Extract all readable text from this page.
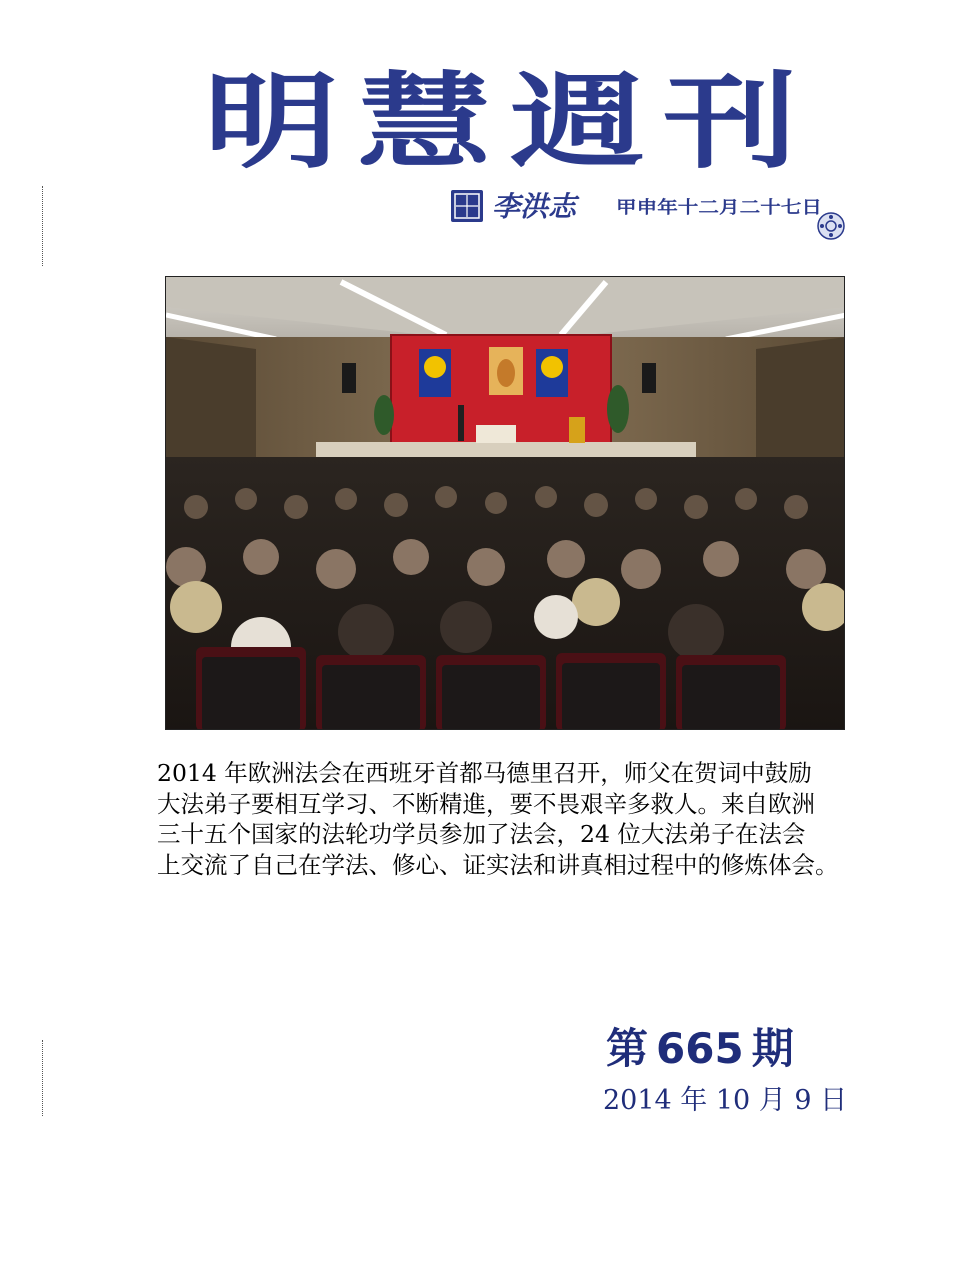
明慧週刊
李洪志 甲申年十二月二十七日
2014 年欧洲法会在西班牙首都马德里召开，师父在贺词中鼓励
大法弟子要相互学习、不断精進，要不畏艰辛多救人。来自欧洲
三十五个国家的法轮功学员参加了法会，24 位大法弟子在法会
上交流了自己在学法、修心、证实法和讲真相过程中的修炼体会。
第 665 期
2014 年 10 月 9 日
